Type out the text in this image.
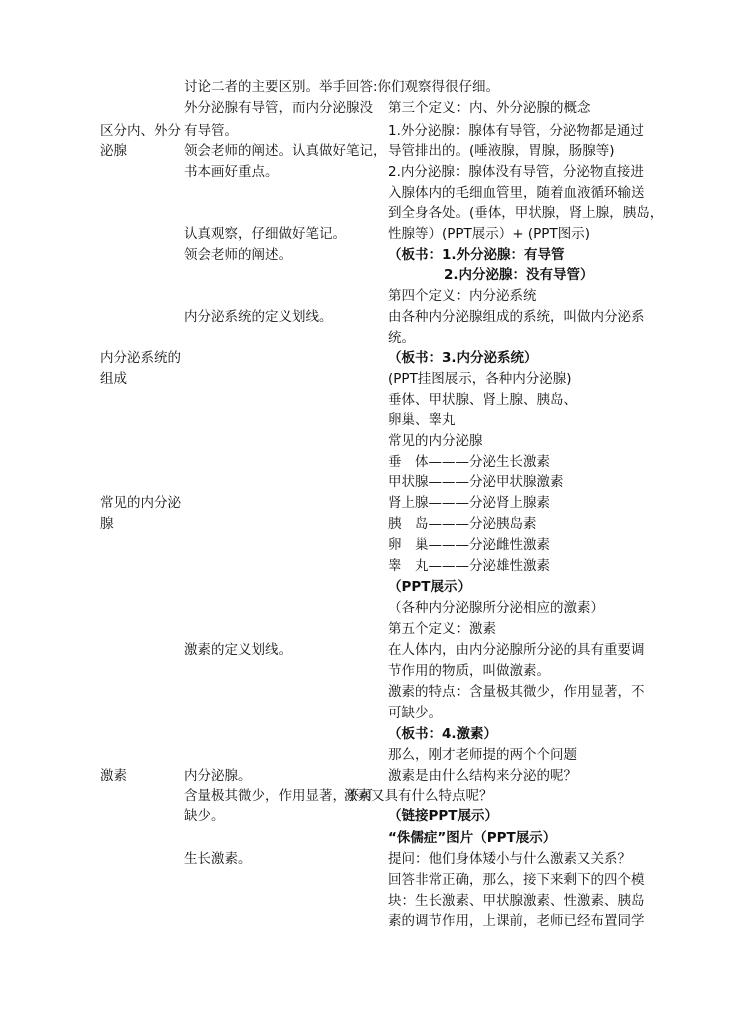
区分内、外分
泌腺
内分泌系统的
组成
常见的内分泌
腺
激素
讨论二者的主要区别。举手回答:你们观察得很仔细。
外分泌腺有导管，而内分泌腺没
有导管。
领会老师的阐述。认真做好笔记，
书本画好重点。
认真观察，仔细做好笔记。
领会老师的阐述。
内分泌系统的定义划线。
激素的定义划线。
内分泌腺。
含量极其微少，作用显著，不可
缺少。
生长激素。
第三个定义：内、外分泌腺的概念
1.外分泌腺：腺体有导管，分泌物都是通过
导管排出的。(唾液腺，胃腺，肠腺等)
2.内分泌腺：腺体没有导管，分泌物直接进
入腺体内的毛细血管里，随着血液循环输送
到全身各处。(垂体，甲状腺，肾上腺，胰岛，
性腺等）(PPT展示）+ (PPT图示)
（板书：1.外分泌腺：有导管
2.内分泌腺：没有导管）
第四个定义：内分泌系统
由各种内分泌腺组成的系统，叫做内分泌系
统。
（板书：3.内分泌系统）
(PPT挂图展示，各种内分泌腺)
垂体、甲状腺、肾上腺、胰岛、
卵巢、睾丸
常见的内分泌腺
垂　体———分泌生长激素
甲状腺———分泌甲状腺激素
肾上腺———分泌肾上腺素
胰　岛———分泌胰岛素
卵　巢———分泌雌性激素
睾　丸———分泌雄性激素
（PPT展示）
（各种内分泌腺所分泌相应的激素）
第五个定义：激素
在人体内，由内分泌腺所分泌的具有重要调
节作用的物质，叫做激素。
激素的特点：含量极其微少，作用显著，不
可缺少。
（板书：4.激素）
那么，刚才老师提的两个个问题
激素是由什么结构来分泌的呢？
激素又具有什么特点呢？
（链接PPT展示）
“侏儒症”图片（PPT展示）
提问：他们身体矮小与什么激素又关系？
回答非常正确，那么，接下来剩下的四个模
块：生长激素、甲状腺激素、性激素、胰岛
素的调节作用，上课前，老师已经布置同学
